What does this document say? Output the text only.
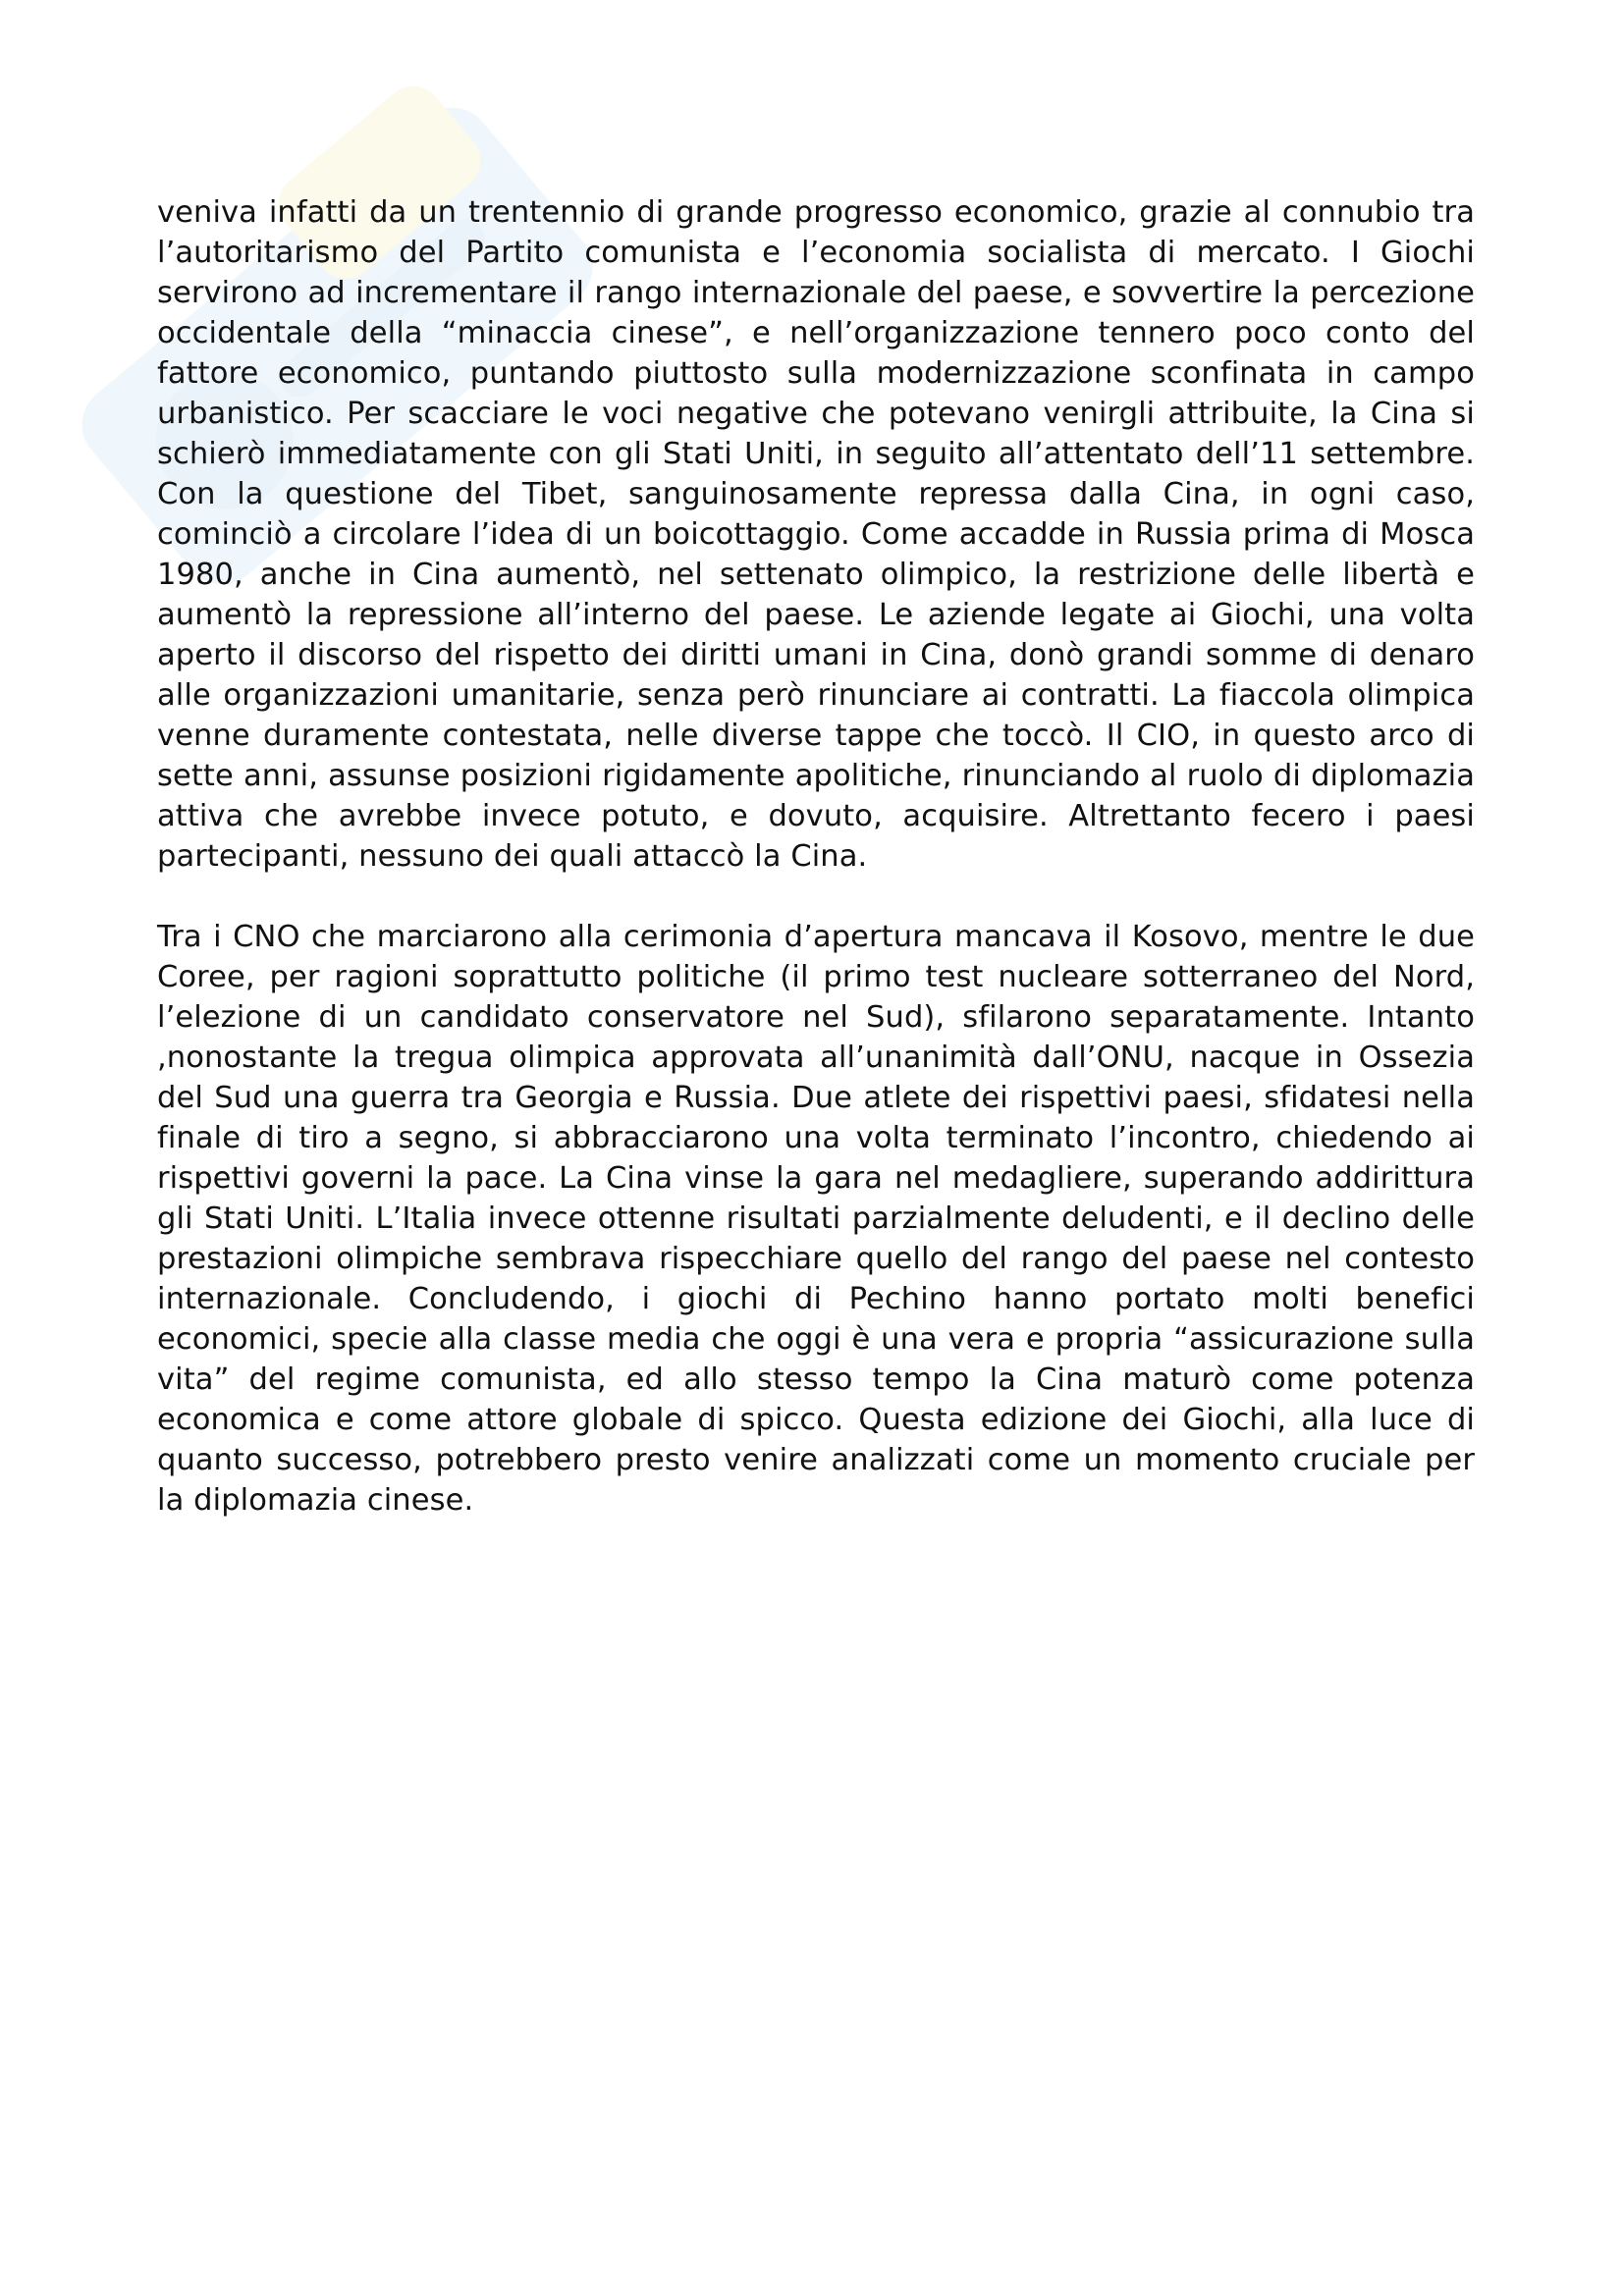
veniva infatti da un trentennio di grande progresso economico, grazie al connubio tra l’autoritarismo del Partito comunista e l’economia socialista di mercato. I Giochi servirono ad incrementare il rango internazionale del paese, e sovvertire la percezione occidentale della “minaccia cinese”, e nell’organizzazione tennero poco conto del fattore economico, puntando piuttosto sulla modernizzazione sconfinata in campo urbanistico. Per scacciare le voci negative che potevano venirgli attribuite, la Cina si schierò immediatamente con gli Stati Uniti, in seguito all’attentato dell’11 settembre. Con la questione del Tibet, sanguinosamente repressa dalla Cina, in ogni caso, cominciò a circolare l’idea di un boicottaggio. Come accadde in Russia prima di Mosca 1980, anche in Cina aumentò, nel settenato olimpico, la restrizione delle libertà e aumentò la repressione all’interno del paese. Le aziende legate ai Giochi, una volta aperto il discorso del rispetto dei diritti umani in Cina, donò grandi somme di denaro alle organizzazioni umanitarie, senza però rinunciare ai contratti. La fiaccola olimpica venne duramente contestata, nelle diverse tappe che toccò. Il CIO, in questo arco di sette anni, assunse posizioni rigidamente apolitiche, rinunciando al ruolo di diplomazia attiva che avrebbe invece potuto, e dovuto, acquisire. Altrettanto fecero i paesi partecipanti, nessuno dei quali attaccò la Cina.

Tra i CNO che marciarono alla cerimonia d’apertura mancava il Kosovo, mentre le due Coree, per ragioni soprattutto politiche (il primo test nucleare sotterraneo del Nord, l’elezione di un candidato conservatore nel Sud), sfilarono separatamente. Intanto ,nonostante la tregua olimpica approvata all’unanimità dall’ONU, nacque in Ossezia del Sud una guerra tra Georgia e Russia. Due atlete dei rispettivi paesi, sfidatesi nella finale di tiro a segno, si abbracciarono una volta terminato l’incontro, chiedendo ai rispettivi governi la pace. La Cina vinse la gara nel medagliere, superando addirittura gli Stati Uniti. L’Italia invece ottenne risultati parzialmente deludenti, e il declino delle prestazioni olimpiche sembrava rispecchiare quello del rango del paese nel contesto internazionale. Concludendo, i giochi di Pechino hanno portato molti benefici economici, specie alla classe media che oggi è una vera e propria “assicurazione sulla vita” del regime comunista, ed allo stesso tempo la Cina maturò come potenza economica e come attore globale di spicco. Questa edizione dei Giochi, alla luce di quanto successo, potrebbero presto venire analizzati come un momento cruciale per la diplomazia cinese.
